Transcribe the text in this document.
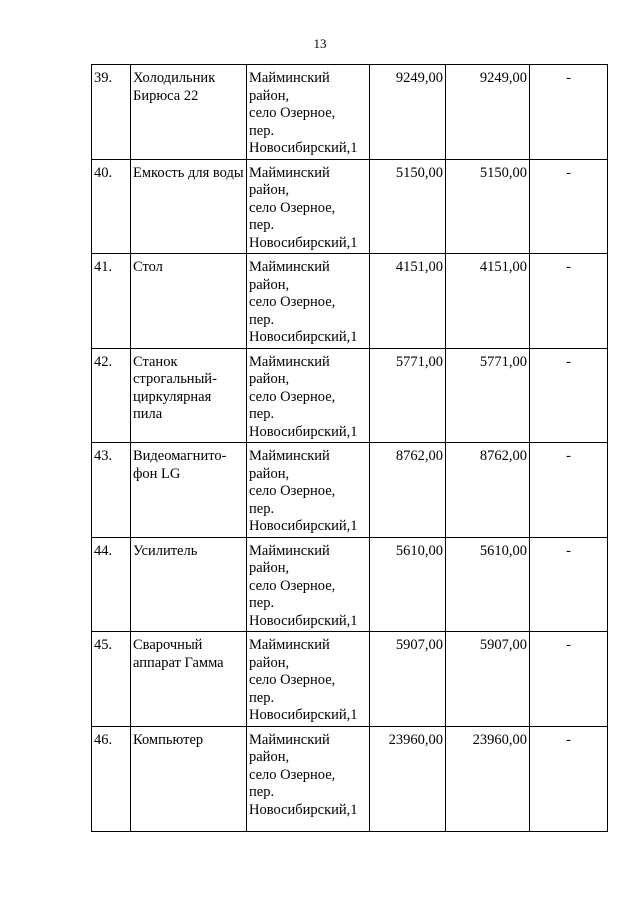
13
39.	Холодильник Бирюса 22	Майминский
район,
село Озерное,
пер.
Новосибирский,1	9249,00	9249,00	-
40.	Емкость для воды	Майминский
район,
село Озерное,
пер.
Новосибирский,1	5150,00	5150,00	-
41.	Стол	Майминский
район,
село Озерное,
пер.
Новосибирский,1	4151,00	4151,00	-
42.	Станок строгальный-циркулярная пила	Майминский
район,
село Озерное,
пер.
Новосибирский,1	5771,00	5771,00	-
43.	Видеомагнито-фон LG	Майминский
район,
село Озерное,
пер.
Новосибирский,1	8762,00	8762,00	-
44.	Усилитель	Майминский
район,
село Озерное,
пер.
Новосибирский,1	5610,00	5610,00	-
45.	Сварочный аппарат Гамма	Майминский
район,
село Озерное,
пер.
Новосибирский,1	5907,00	5907,00	-
46.	Компьютер	Майминский
район,
село Озерное,
пер.
Новосибирский,1	23960,00	23960,00	-
